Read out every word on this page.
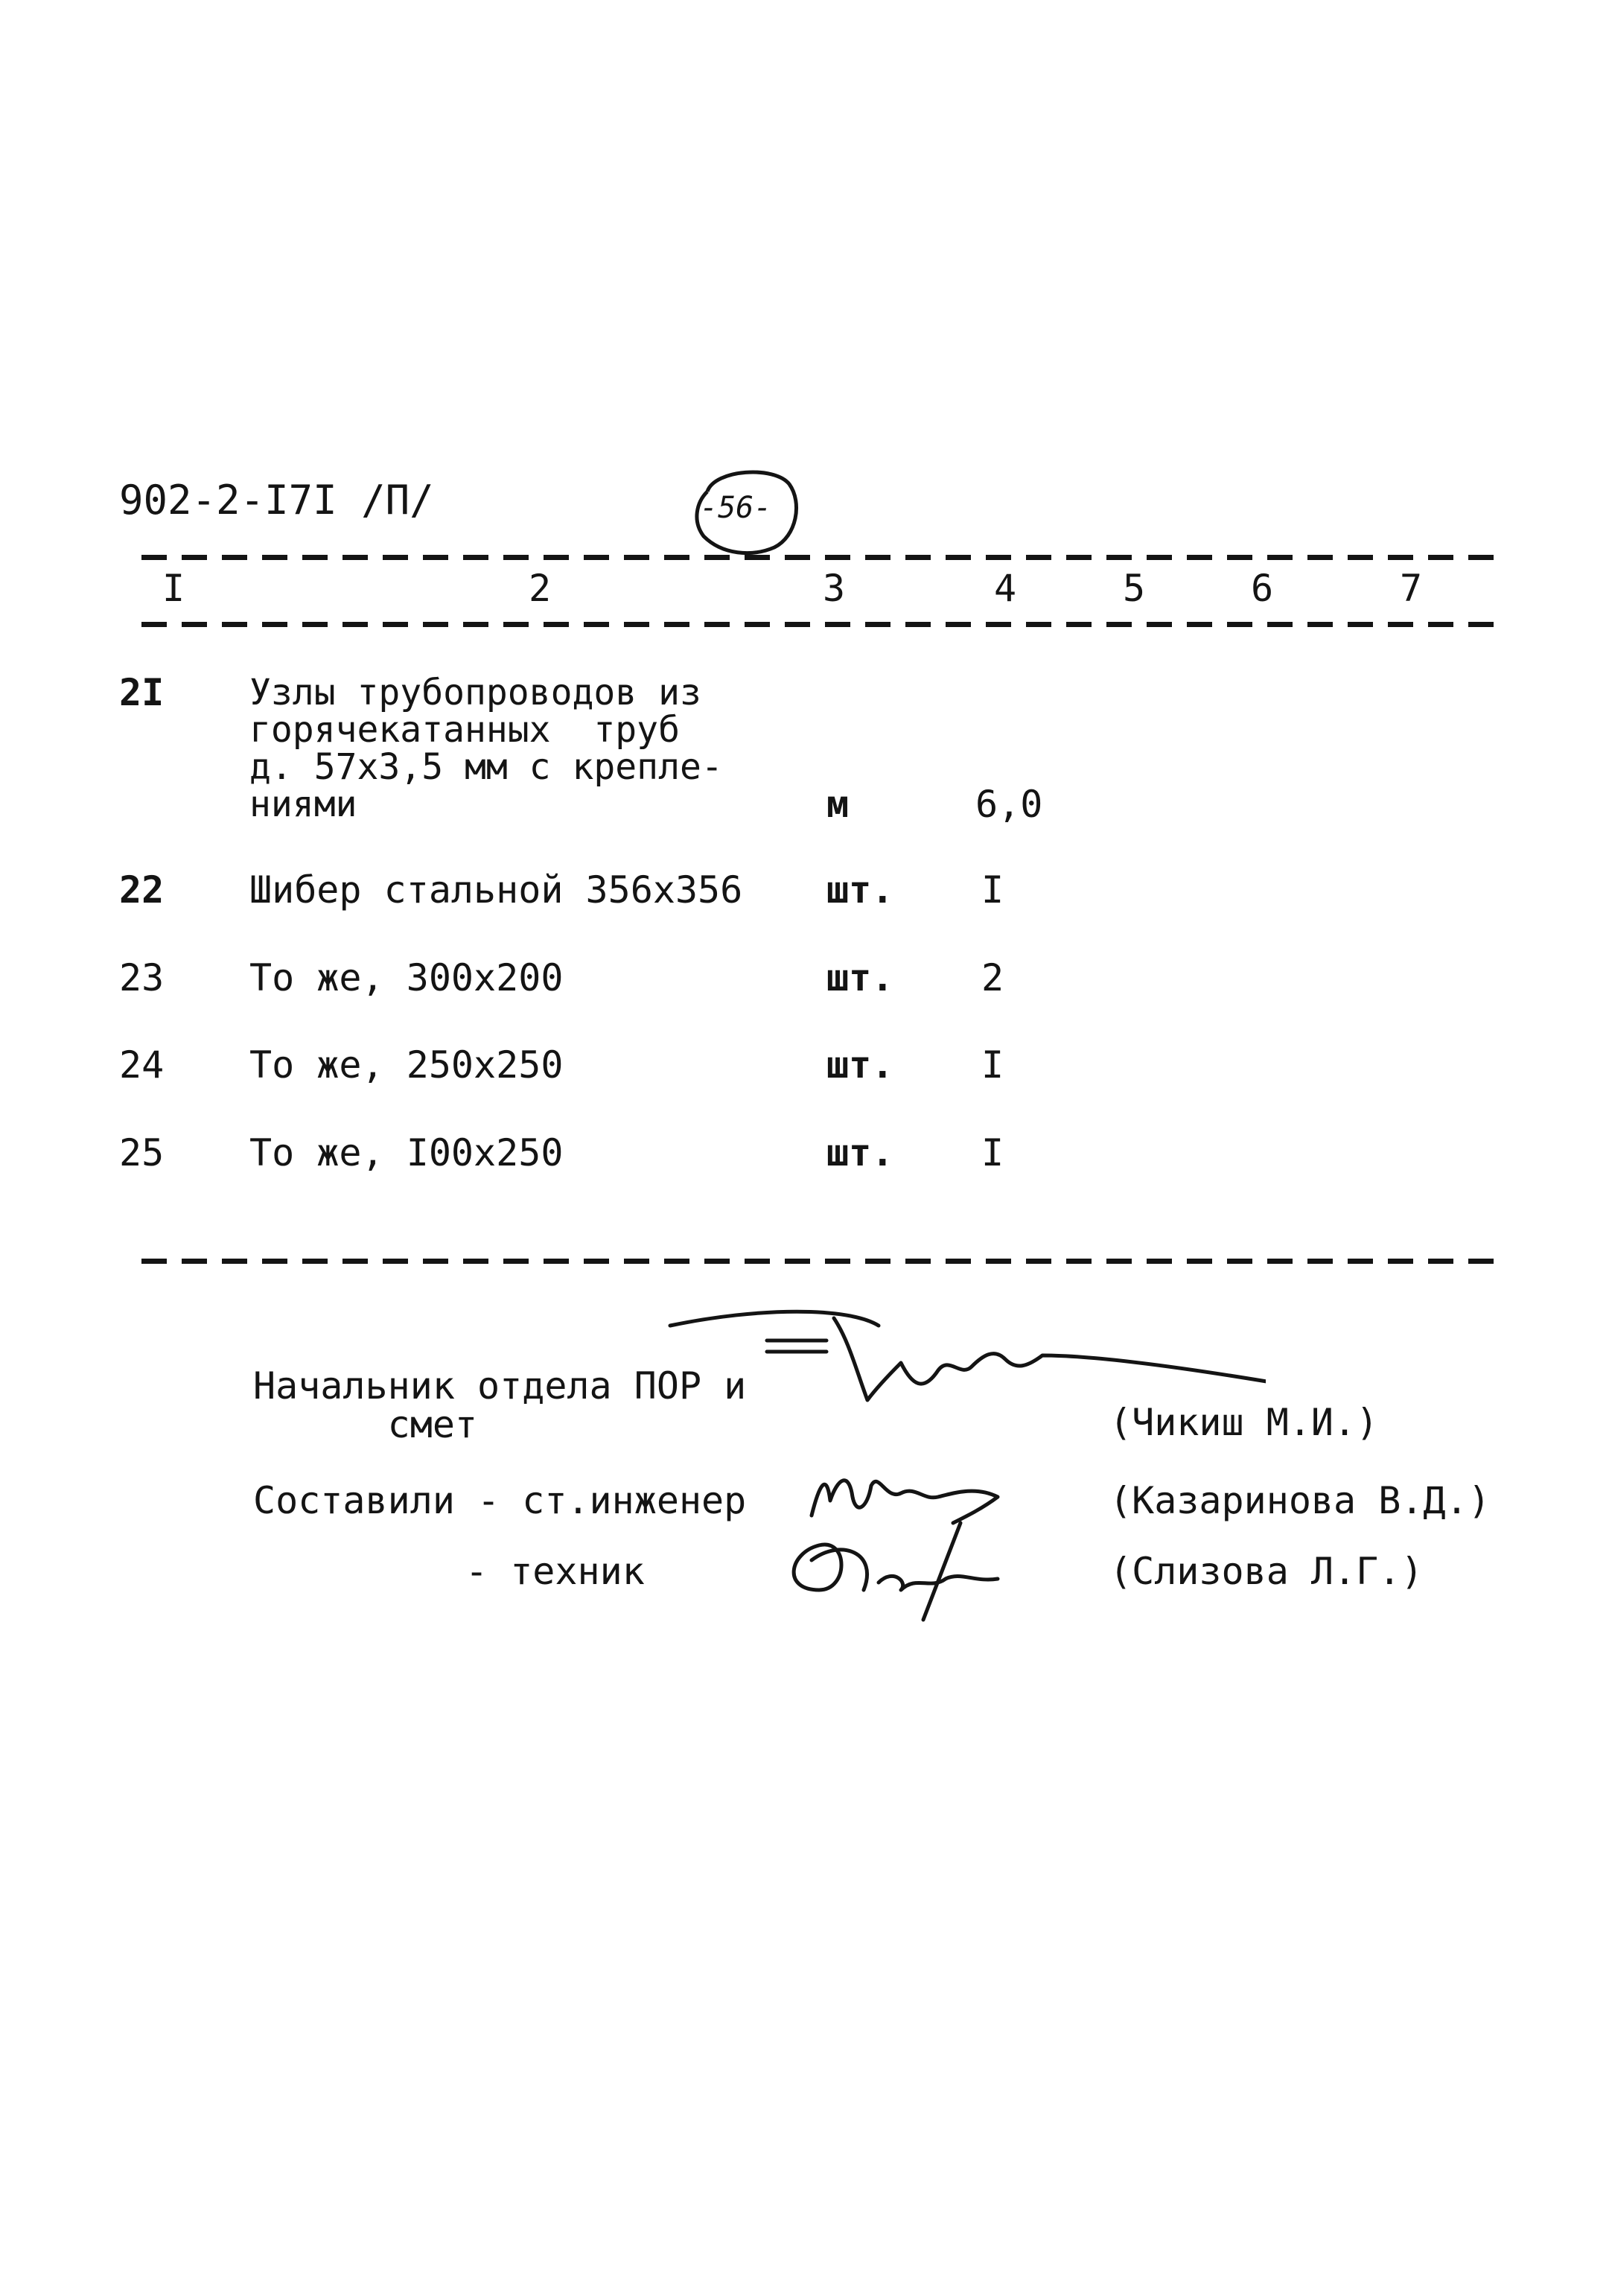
902-2-I7I /П/	-56-
I	2	3	4	5	6	7
2I Узлы трубопроводов из
горячекатанных  труб
д. 57х3,5 мм с крепле-
ниями	м	6,0
22 Шибер стальной 356х356 шт. I
23 То же, 300х200	шт. 2
24 То же, 250х250	шт. I
25 То же, I00х250	шт. I
Начальник отдела ПОР и
смет	(Чикиш М.И.)
Составили - ст.инженер	(Казаринова В.Д.)
- техник	(Слизова Л.Г.)
